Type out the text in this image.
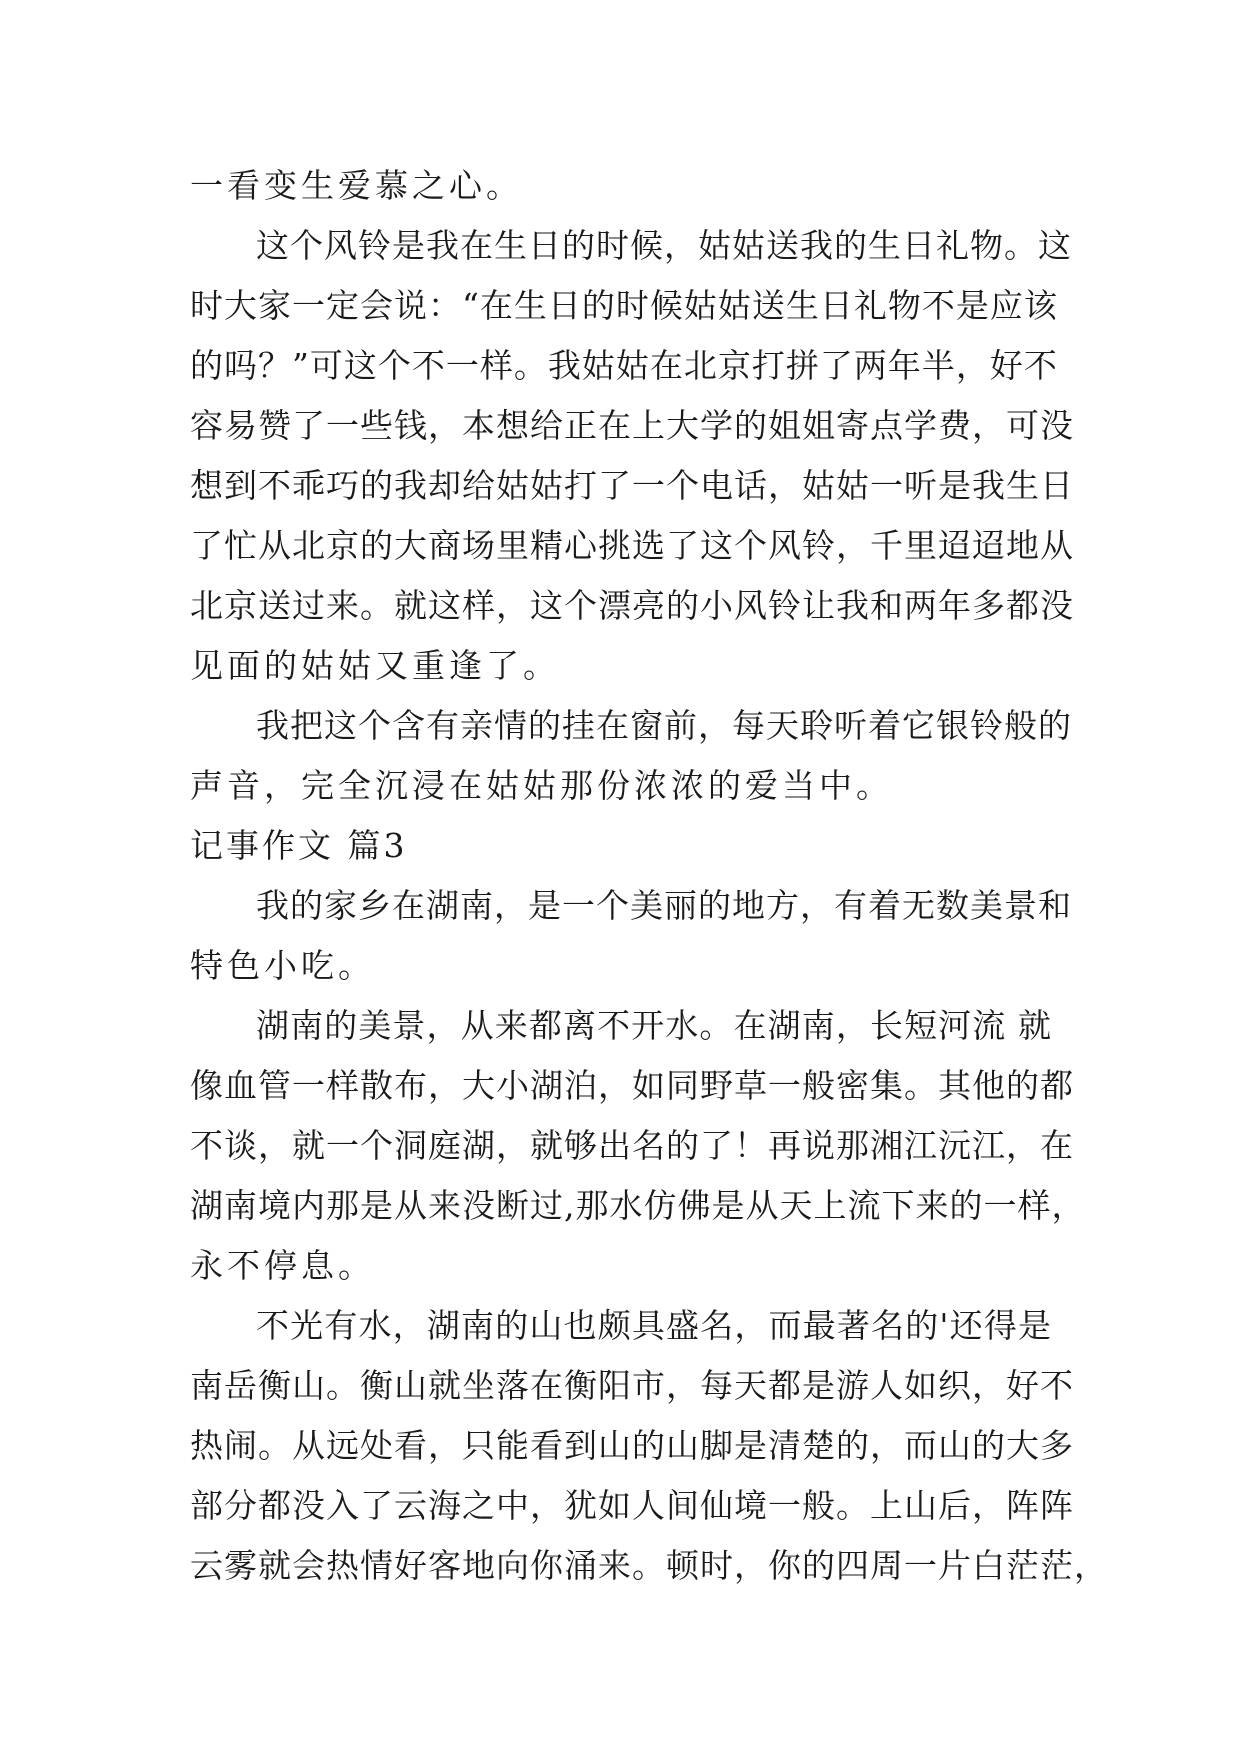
一看变生爱慕之心。
这个风铃是我在生日的时候，姑姑送我的生日礼物。这
时大家一定会说：“在生日的时候姑姑送生日礼物不是应该
的吗？”可这个不一样。我姑姑在北京打拼了两年半，好不
容易赞了一些钱，本想给正在上大学的姐姐寄点学费，可没
想到不乖巧的我却给姑姑打了一个电话，姑姑一听是我生日
了忙从北京的大商场里精心挑选了这个风铃，千里迢迢地从
北京送过来。就这样，这个漂亮的小风铃让我和两年多都没
见面的姑姑又重逢了。
我把这个含有亲情的挂在窗前，每天聆听着它银铃般的
声音，完全沉浸在姑姑那份浓浓的爱当中。
记事作文 篇3
我的家乡在湖南，是一个美丽的地方，有着无数美景和
特色小吃。
湖南的美景，从来都离不开水。在湖南，长短河流 就
像血管一样散布，大小湖泊，如同野草一般密集。其他的都
不谈，就一个洞庭湖，就够出名的了！再说那湘江沅江，在
湖南境内那是从来没断过,那水仿佛是从天上流下来的一样，
永不停息。
不光有水，湖南的山也颇具盛名，而最著名的'还得是
南岳衡山。衡山就坐落在衡阳市，每天都是游人如织，好不
热闹。从远处看，只能看到山的山脚是清楚的，而山的大多
部分都没入了云海之中，犹如人间仙境一般。上山后，阵阵
云雾就会热情好客地向你涌来。顿时，你的四周一片白茫茫，
